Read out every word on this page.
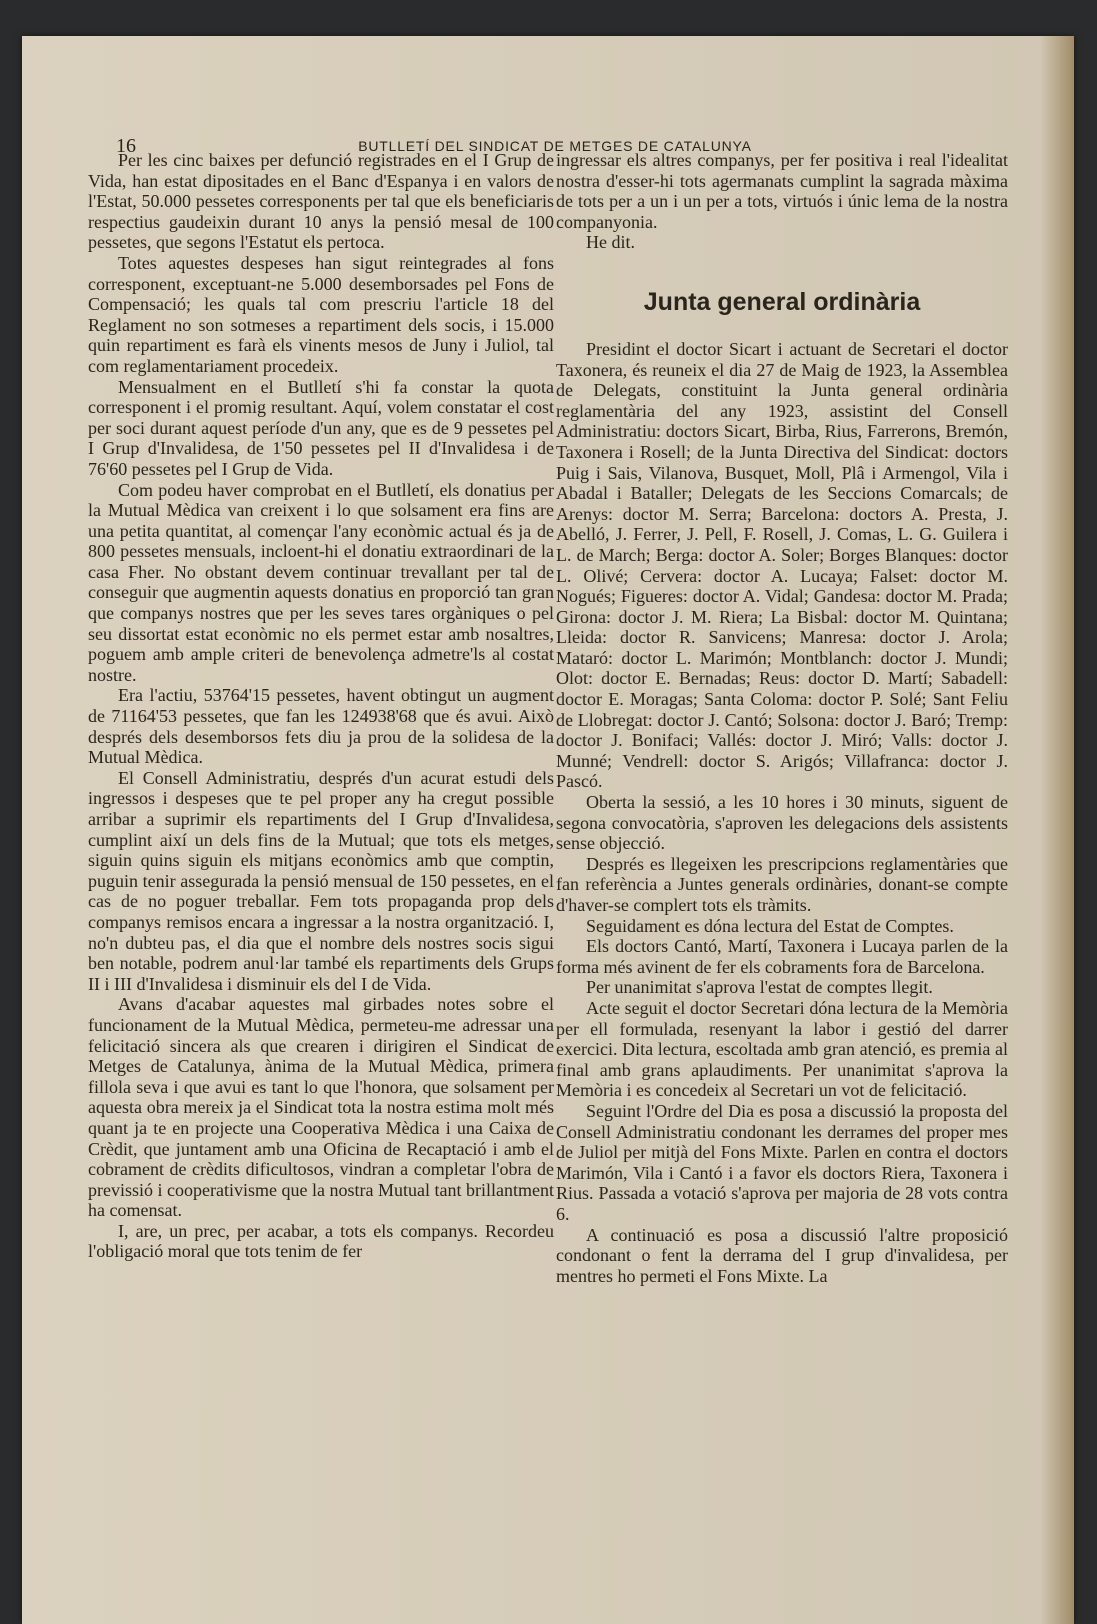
16	BUTLLETÍ DEL SINDICAT DE METGES DE CATALUNYA

Per les cinc baixes per defunció registrades en el I Grup de Vida, han estat dipositades en el Banc d'Espanya i en valors de l'Estat, 50.000 pessetes corresponents per tal que els beneficiaris respectius gaudeixin durant 10 anys la pensió mesal de 100 pessetes, que segons l'Estatut els pertoca.

Totes aquestes despeses han sigut reintegrades al fons corresponent, exceptuant-ne 5.000 desemborsades pel Fons de Compensació; les quals tal com prescriu l'article 18 del Reglament no son sotmeses a repartiment dels socis, i 15.000 quin repartiment es farà els vinents mesos de Juny i Juliol, tal com reglamentariament procedeix.

Mensualment en el Butlletí s'hi fa constar la quota corresponent i el promig resultant. Aquí, volem constatar el cost per soci durant aquest període d'un any, que es de 9 pessetes pel I Grup d'Invalidesa, de 1'50 pessetes pel II d'Invalidesa i de 76'60 pessetes pel I Grup de Vida.

Com podeu haver comprobat en el Butlletí, els donatius per la Mutual Mèdica van creixent i lo que solsament era fins are una petita quantitat, al començar l'any econòmic actual és ja de 800 pessetes mensuals, incloent-hi el donatiu extraordinari de la casa Fher. No obstant devem continuar trevallant per tal de conseguir que augmentin aquests donatius en proporció tan gran que companys nostres que per les seves tares orgàniques o pel seu dissortat estat econòmic no els permet estar amb nosaltres, poguem amb ample criteri de benevolença admetre'ls al costat nostre.

Era l'actiu, 53764'15 pessetes, havent obtingut un augment de 71164'53 pessetes, que fan les 124938'68 que és avui. Això després dels desemborsos fets diu ja prou de la solidesa de la Mutual Mèdica.

El Consell Administratiu, després d'un acurat estudi dels ingressos i despeses que te pel proper any ha cregut possible arribar a suprimir els repartiments del I Grup d'Invalidesa, cumplint així un dels fins de la Mutual; que tots els metges, siguin quins siguin els mitjans econòmics amb que comptin, puguin tenir assegurada la pensió mensual de 150 pessetes, en el cas de no poguer treballar. Fem tots propaganda prop dels companys remisos encara a ingressar a la nostra organització. I, no'n dubteu pas, el dia que el nombre dels nostres socis sigui ben notable, podrem anul·lar també els repartiments dels Grups II i III d'Invalidesa i disminuir els del I de Vida.

Avans d'acabar aquestes mal girbades notes sobre el funcionament de la Mutual Mèdica, permeteu-me adressar una felicitació sincera als que crearen i dirigiren el Sindicat de Metges de Catalunya, ànima de la Mutual Mèdica, primera fillola seva i que avui es tant lo que l'honora, que solsament per aquesta obra mereix ja el Sindicat tota la nostra estima molt més quant ja te en projecte una Cooperativa Mèdica i una Caixa de Crèdit, que juntament amb una Oficina de Recaptació i amb el cobrament de crèdits dificultosos, vindran a completar l'obra de previssió i cooperativisme que la nostra Mutual tant brillantment ha comensat.

I, are, un prec, per acabar, a tots els companys. Recordeu l'obligació moral que tots tenim de fer

ingressar els altres companys, per fer positiva i real l'idealitat nostra d'esser-hi tots agermanats cumplint la sagrada màxima de tots per a un i un per a tots, virtuós i únic lema de la nostra companyonia.

He dit.

Junta general ordinària

Presidint el doctor Sicart i actuant de Secretari el doctor Taxonera, és reuneix el dia 27 de Maig de 1923, la Assemblea de Delegats, constituint la Junta general ordinària reglamentària del any 1923, assistint del Consell Administratiu: doctors Sicart, Birba, Rius, Farrerons, Bremón, Taxonera i Rosell; de la Junta Directiva del Sindicat: doctors Puig i Sais, Vilanova, Busquet, Moll, Plâ i Armengol, Vila i Abadal i Bataller; Delegats de les Seccions Comarcals; de Arenys: doctor M. Serra; Barcelona: doctors A. Presta, J. Abelló, J. Ferrer, J. Pell, F. Rosell, J. Comas, L. G. Guilera i L. de March; Berga: doctor A. Soler; Borges Blanques: doctor L. Olivé; Cervera: doctor A. Lucaya; Falset: doctor M. Nogués; Figueres: doctor A. Vidal; Gandesa: doctor M. Prada; Girona: doctor J. M. Riera; La Bisbal: doctor M. Quintana; Lleida: doctor R. Sanvicens; Manresa: doctor J. Arola; Mataró: doctor L. Marimón; Montblanch: doctor J. Mundi; Olot: doctor E. Bernadas; Reus: doctor D. Martí; Sabadell: doctor E. Moragas; Santa Coloma: doctor P. Solé; Sant Feliu de Llobregat: doctor J. Cantó; Solsona: doctor J. Baró; Tremp: doctor J. Bonifaci; Vallés: doctor J. Miró; Valls: doctor J. Munné; Vendrell: doctor S. Arigós; Villafranca: doctor J. Pascó.

Oberta la sessió, a les 10 hores i 30 minuts, siguent de segona convocatòria, s'aproven les delegacions dels assistents sense objecció.

Després es llegeixen les prescripcions reglamentàries que fan referència a Juntes generals ordinàries, donant-se compte d'haver-se complert tots els tràmits.

Seguidament es dóna lectura del Estat de Comptes.

Els doctors Cantó, Martí, Taxonera i Lucaya parlen de la forma més avinent de fer els cobraments fora de Barcelona.

Per unanimitat s'aprova l'estat de comptes llegit.

Acte seguit el doctor Secretari dóna lectura de la Memòria per ell formulada, resenyant la labor i gestió del darrer exercici. Dita lectura, escoltada amb gran atenció, es premia al final amb grans aplaudiments. Per unanimitat s'aprova la Memòria i es concedeix al Secretari un vot de felicitació.

Seguint l'Ordre del Dia es posa a discussió la proposta del Consell Administratiu condonant les derrames del proper mes de Juliol per mitjà del Fons Mixte. Parlen en contra el doctors Marimón, Vila i Cantó i a favor els doctors Riera, Taxonera i Rius. Passada a votació s'aprova per majoria de 28 vots contra 6.

A continuació es posa a discussió l'altre proposició condonant o fent la derrama del I grup d'invalidesa, per mentres ho permeti el Fons Mixte. La
